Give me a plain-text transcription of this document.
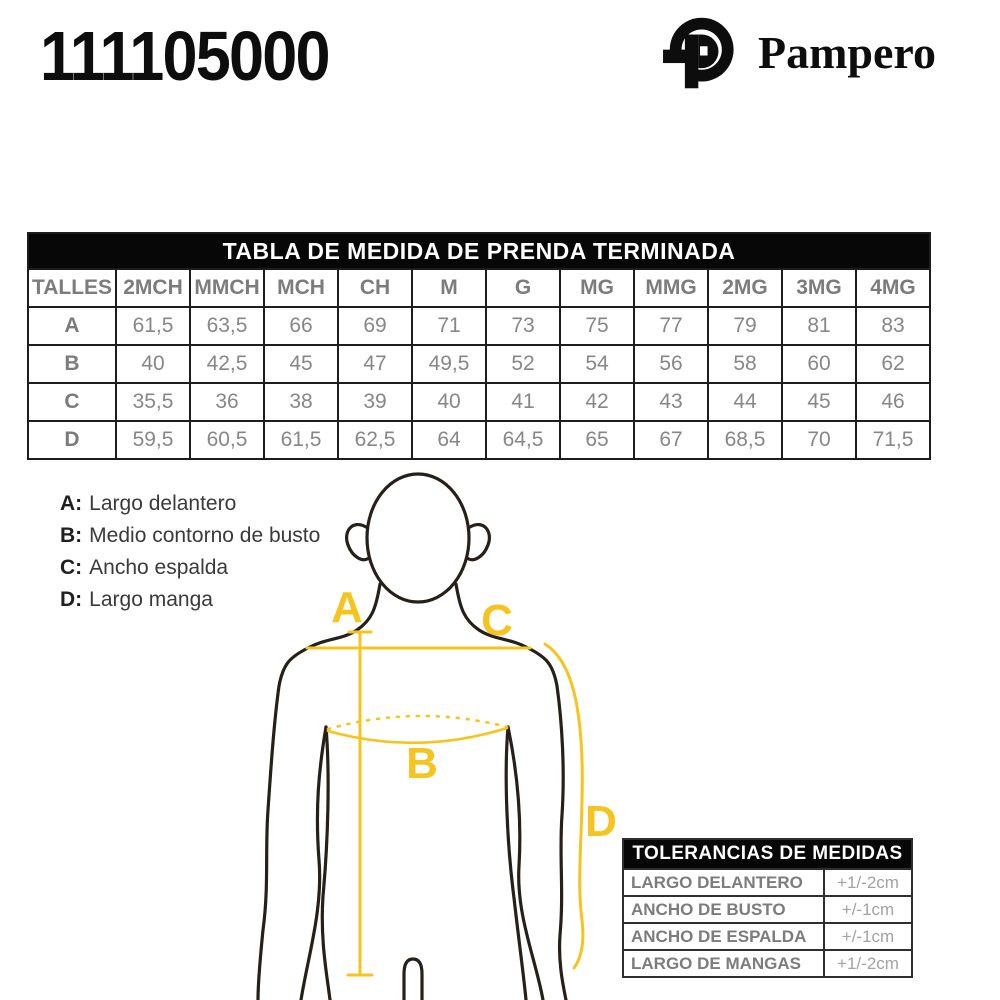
111105000	Pampero
TABLA DE MEDIDA DE PRENDA TERMINADA											
TALLES	2MCH	MMCH	MCH	CH	M	G	MG	MMG	2MG	3MG	4MG
A	61,5	63,5	66	69	71	73	75	77	79	81	83
B	40	42,5	45	47	49,5	52	54	56	58	60	62
C	35,5	36	38	39	40	41	42	43	44	45	46
D	59,5	60,5	61,5	62,5	64	64,5	65	67	68,5	70	71,5
A: Largo delantero
B: Medio contorno de busto
C: Ancho espalda
D: Largo manga	A	C
B
D
TOLERANCIAS DE MEDIDAS	
LARGO DELANTERO	+1/-2cm
ANCHO DE BUSTO	+/-1cm
ANCHO DE ESPALDA	+/-1cm
LARGO DE MANGAS	+1/-2cm
